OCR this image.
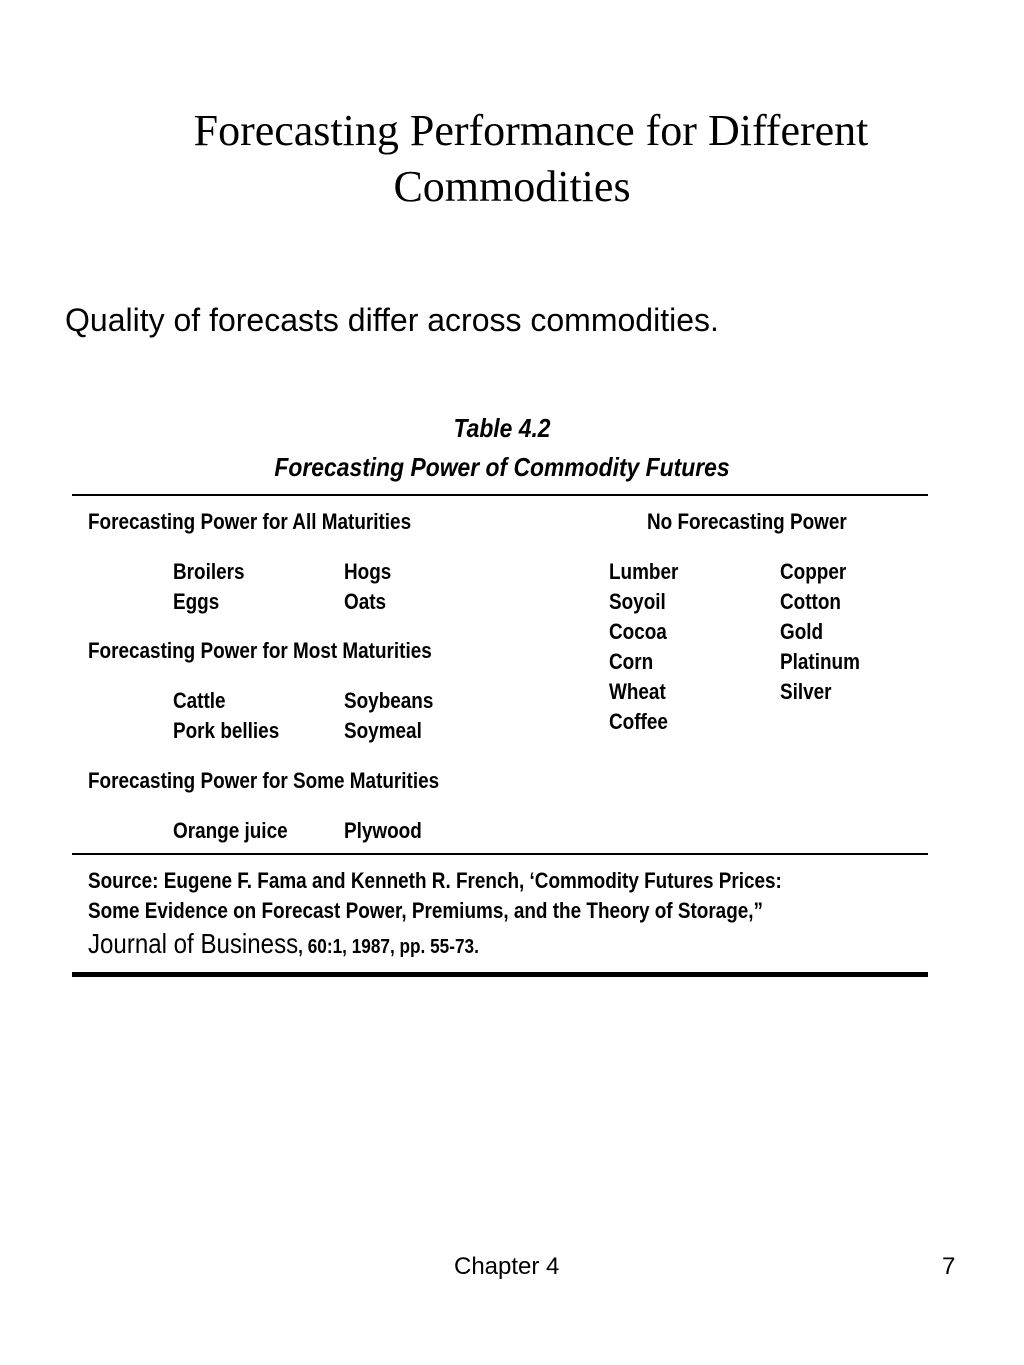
Forecasting Performance for Different
Commodities

Quality of forecasts differ across commodities.

Table 4.2
Forecasting Power of Commodity Futures
Forecasting Power for All Maturities
Broilers
Eggs
Hogs
Oats
Forecasting Power for Most Maturities
Cattle
Pork bellies
Soybeans
Soymeal
Forecasting Power for Some Maturities
Orange juice	Plywood
No Forecasting Power
Lumber
Soyoil
Cocoa
Corn
Wheat
Coffee
Copper
Cotton
Gold
Platinum
Silver
Source: Eugene F. Fama and Kenneth R. French, ‘Commodity Futures Prices:
Some Evidence on Forecast Power, Premiums, and the Theory of Storage,”
Journal of Business, 60:1, 1987, pp. 55-73.
Chapter 4	7
